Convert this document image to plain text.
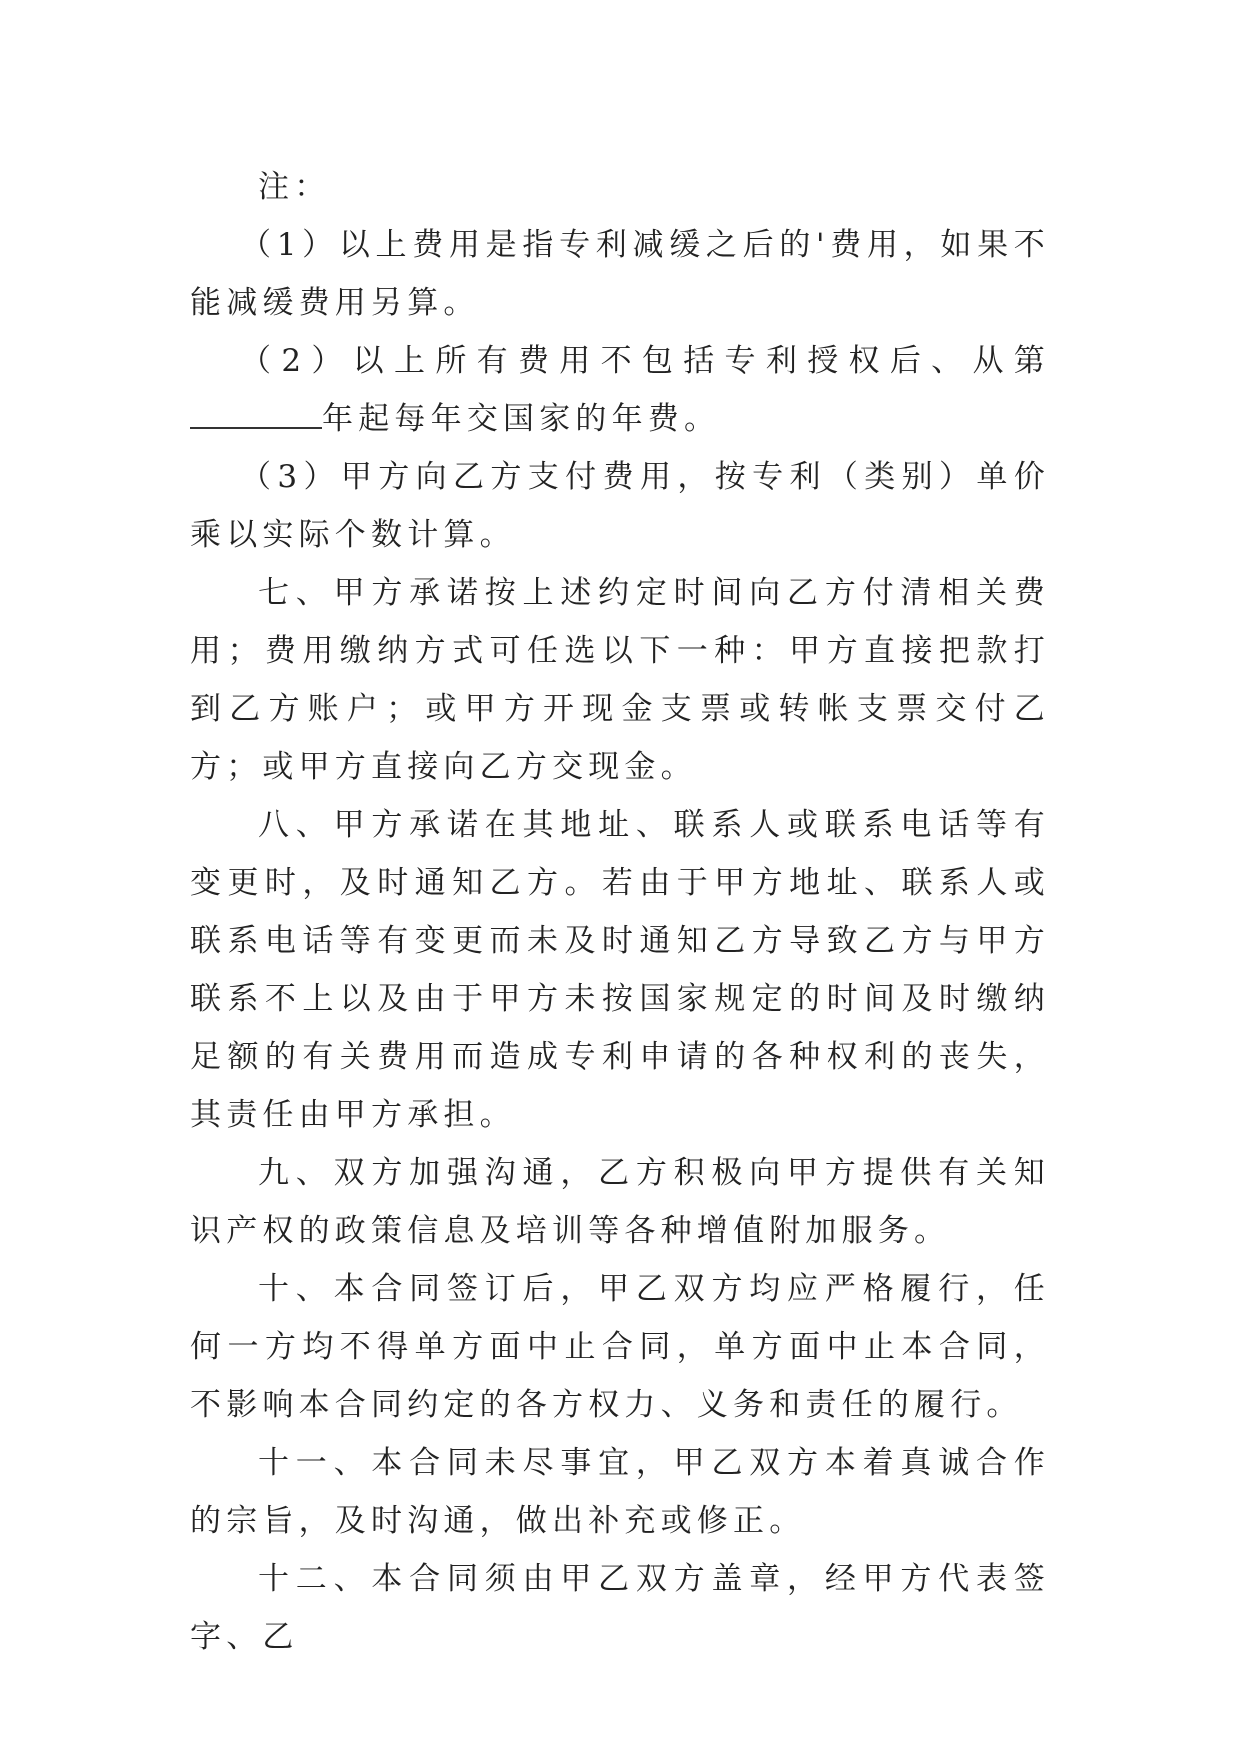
注：

（1）以上费用是指专利减缓之后的'费用，如果不能减缓费用另算。

（2）以上所有费用不包括专利授权后、从第年起每年交国家的年费。

（3）甲方向乙方支付费用，按专利（类别）单价乘以实际个数计算。

七、甲方承诺按上述约定时间向乙方付清相关费用；费用缴纳方式可任选以下一种：甲方直接把款打到乙方账户；或甲方开现金支票或转帐支票交付乙方；或甲方直接向乙方交现金。

八、甲方承诺在其地址、联系人或联系电话等有变更时，及时通知乙方。若由于甲方地址、联系人或联系电话等有变更而未及时通知乙方导致乙方与甲方联系不上以及由于甲方未按国家规定的时间及时缴纳足额的有关费用而造成专利申请的各种权利的丧失，其责任由甲方承担。

九、双方加强沟通，乙方积极向甲方提供有关知识产权的政策信息及培训等各种增值附加服务。

十、本合同签订后，甲乙双方均应严格履行，任何一方均不得单方面中止合同，单方面中止本合同，不影响本合同约定的各方权力、义务和责任的履行。

十一、本合同未尽事宜，甲乙双方本着真诚合作的宗旨，及时沟通，做出补充或修正。

十二、本合同须由甲乙双方盖章，经甲方代表签字、乙
